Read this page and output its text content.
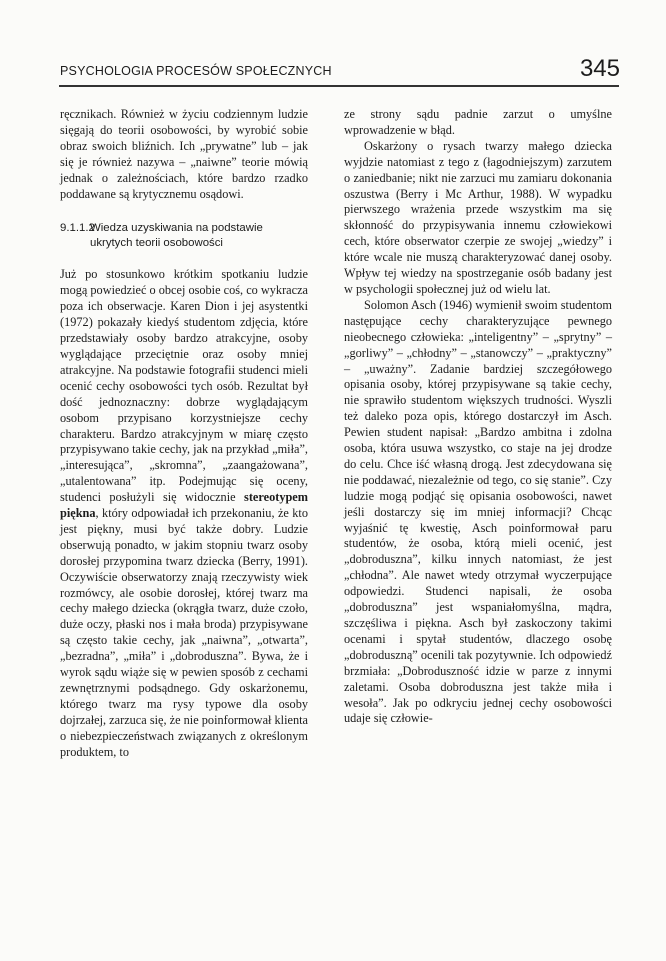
PSYCHOLOGIA PROCESÓW SPOŁECZNYCH	345

ręcznikach. Również w życiu codziennym ludzie sięgają do teorii osobowości, by wyrobić sobie obraz swoich bliźnich. Ich „prywatne” lub – jak się je również nazywa – „naiwne” teorie mówią jednak o zależnościach, które bardzo rzadko poddawane są krytycznemu osądowi.

9.1.1.2Wiedza uzyskiwania na podstawie
ukrytych teorii osobowości

Już po stosunkowo krótkim spotkaniu ludzie mogą powiedzieć o obcej osobie coś, co wykracza poza ich obserwacje. Karen Dion i jej asystentki (1972) pokazały kiedyś studentom zdjęcia, które przedstawiały osoby bardzo atrakcyjne, osoby wyglądające przeciętnie oraz osoby mniej atrakcyjne. Na podstawie fotografii studenci mieli ocenić cechy osobowości tych osób. Rezultat był dość jednoznaczny: dobrze wyglądającym osobom przypisano korzystniejsze cechy charakteru. Bardzo atrakcyjnym w miarę często przypisywano takie cechy, jak na przykład „miła”, „interesująca”, „skromna”, „zaangażowana”, „utalentowana” itp. Podejmując się oceny, studenci posłużyli się widocznie stereotypem piękna, który odpowiadał ich przekonaniu, że kto jest piękny, musi być także dobry. Ludzie obserwują ponadto, w jakim stopniu twarz osoby dorosłej przypomina twarz dziecka (Berry, 1991). Oczywiście obserwatorzy znają rzeczywisty wiek rozmówcy, ale osobie dorosłej, której twarz ma cechy małego dziecka (okrągła twarz, duże czoło, duże oczy, płaski nos i mała broda) przypisywane są często takie cechy, jak „naiwna”, „otwarta”, „bezradna”, „miła” i „dobroduszna”. Bywa, że i wyrok sądu wiąże się w pewien sposób z cechami zewnętrznymi podsądnego. Gdy oskarżonemu, którego twarz ma rysy typowe dla osoby dojrzałej, zarzuca się, że nie poinformował klienta o niebezpieczeństwach związanych z określonym produktem, to

ze strony sądu padnie zarzut o umyślne wprowadzenie w błąd.

Oskarżony o rysach twarzy małego dziecka wyjdzie natomiast z tego z (łagodniejszym) zarzutem o zaniedbanie; nikt nie zarzuci mu zamiaru dokonania oszustwa (Berry i Mc Arthur, 1988). W wypadku pierwszego wrażenia przede wszystkim ma się skłonność do przypisywania innemu człowiekowi cech, które obserwator czerpie ze swojej „wiedzy” i które wcale nie muszą charakteryzować danej osoby. Wpływ tej wiedzy na spostrzeganie osób badany jest w psychologii społecznej już od wielu lat.

Solomon Asch (1946) wymienił swoim studentom następujące cechy charakteryzujące pewnego nieobecnego człowieka: „inteligentny” – „sprytny” – „gorliwy” – „chłodny” – „stanowczy” – „praktyczny” – „uważny”. Zadanie bardziej szczegółowego opisania osoby, której przypisywane są takie cechy, nie sprawiło studentom większych trudności. Wyszli też daleko poza opis, którego dostarczył im Asch. Pewien student napisał: „Bardzo ambitna i zdolna osoba, która usuwa wszystko, co staje na jej drodze do celu. Chce iść własną drogą. Jest zdecydowana się nie poddawać, niezależnie od tego, co się stanie”. Czy ludzie mogą podjąć się opisania osobowości, nawet jeśli dostarczy się im mniej informacji? Chcąc wyjaśnić tę kwestię, Asch poinformował paru studentów, że osoba, którą mieli ocenić, jest „dobroduszna”, kilku innych natomiast, że jest „chłodna”. Ale nawet wtedy otrzymał wyczerpujące odpowiedzi. Studenci napisali, że osoba „dobroduszna” jest wspaniałomyślna, mądra, szczęśliwa i piękna. Asch był zaskoczony takimi ocenami i spytał studentów, dlaczego osobę „dobroduszną” ocenili tak pozytywnie. Ich odpowiedź brzmiała: „Dobroduszność idzie w parze z innymi zaletami. Osoba dobroduszna jest także miła i wesoła”. Jak po odkryciu jednej cechy osobowości udaje się człowie-
